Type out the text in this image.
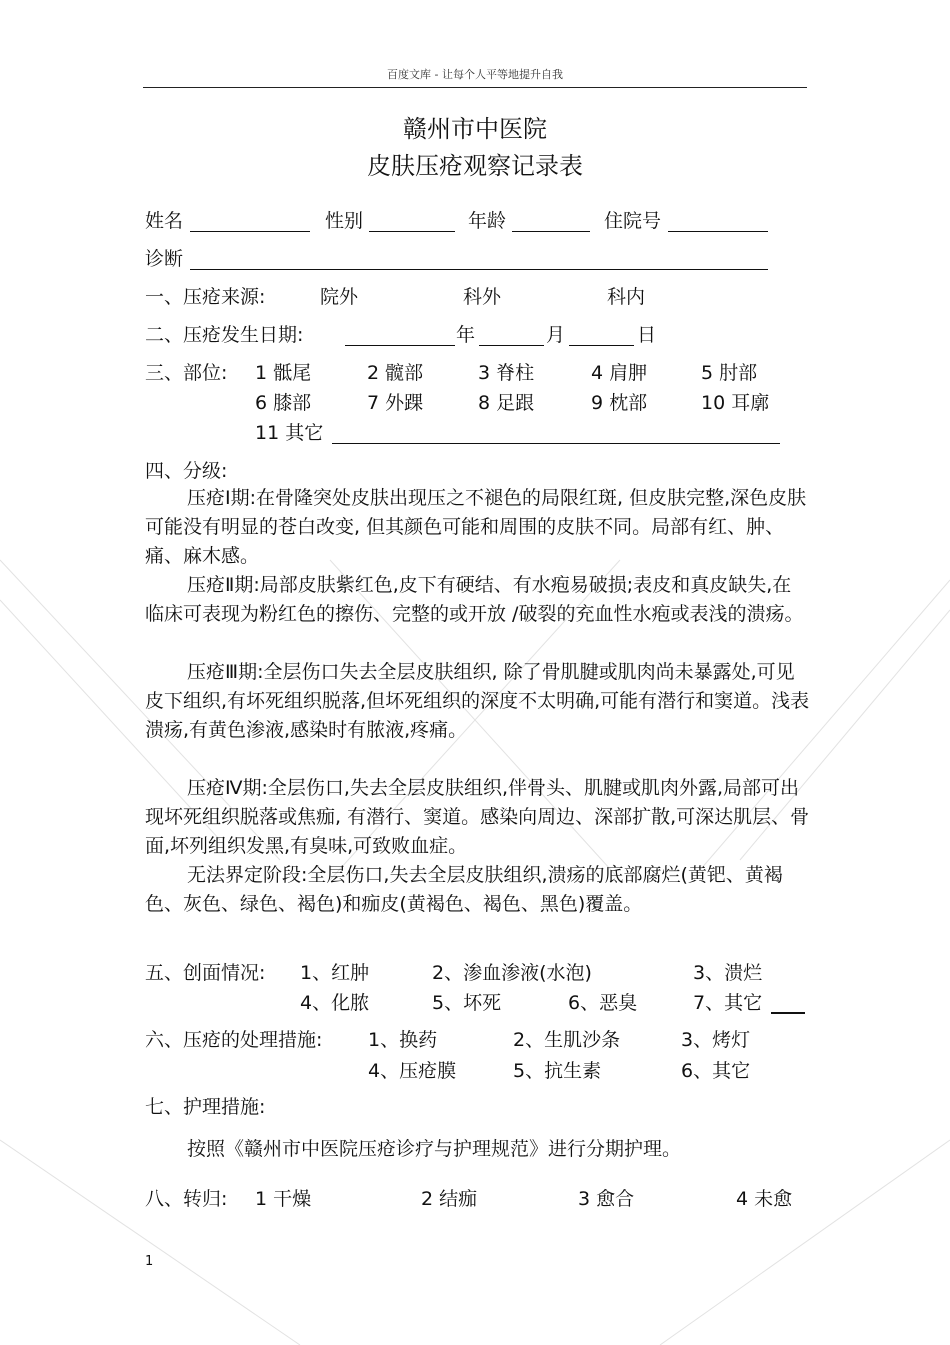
百度文库 - 让每个人平等地提升自我
赣州市中医院
皮肤压疮观察记录表
姓名	性别	年龄	住院号
诊断
一、压疮来源:	院外	科外	科内
二、压疮发生日期:	年	月	日
三、部位: 1 骶尾	2 髋部	3 脊柱	4 肩胛	5 肘部
6 膝部	7 外踝	8 足跟	9 枕部	10 耳廓
11 其它
四、分级:
压疮Ⅰ期:在骨隆突处皮肤出现压之不褪色的局限红斑, 但皮肤完整,深色皮肤可能没有明显的苍白改变, 但其颜色可能和周围的皮肤不同。局部有红、肿、痛、麻木感。
压疮Ⅱ期:局部皮肤紫红色,皮下有硬结、有水疱易破损;表皮和真皮缺失,在临床可表现为粉红色的擦伤、完整的或开放 /破裂的充血性水疱或表浅的溃疡。
压疮Ⅲ期:全层伤口失去全层皮肤组织, 除了骨肌腱或肌肉尚未暴露处,可见皮下组织,有坏死组织脱落,但坏死组织的深度不太明确,可能有潜行和窦道。浅表溃疡,有黄色渗液,感染时有脓液,疼痛。
压疮Ⅳ期:全层伤口,失去全层皮肤组织,伴骨头、肌腱或肌肉外露,局部可出现坏死组织脱落或焦痂, 有潜行、窦道。感染向周边、深部扩散,可深达肌层、骨面,坏列组织发黑,有臭味,可致败血症。
无法界定阶段:全层伤口,失去全层皮肤组织,溃疡的底部腐烂(黄钯、黄褐色、灰色、绿色、褐色)和痂皮(黄褐色、褐色、黑色)覆盖。
五、创面情况: 1、红肿	2、渗血渗液(水泡)	3、溃烂
4、化脓	5、坏死	6、恶臭	7、其它
六、压疮的处理措施: 1、换药	2、生肌沙条	3、烤灯
4、压疮膜	5、抗生素	6、其它
七、护理措施:
按照《赣州市中医院压疮诊疗与护理规范》进行分期护理。
八、转归: 1 干燥	2 结痂	3 愈合	4 未愈
1
